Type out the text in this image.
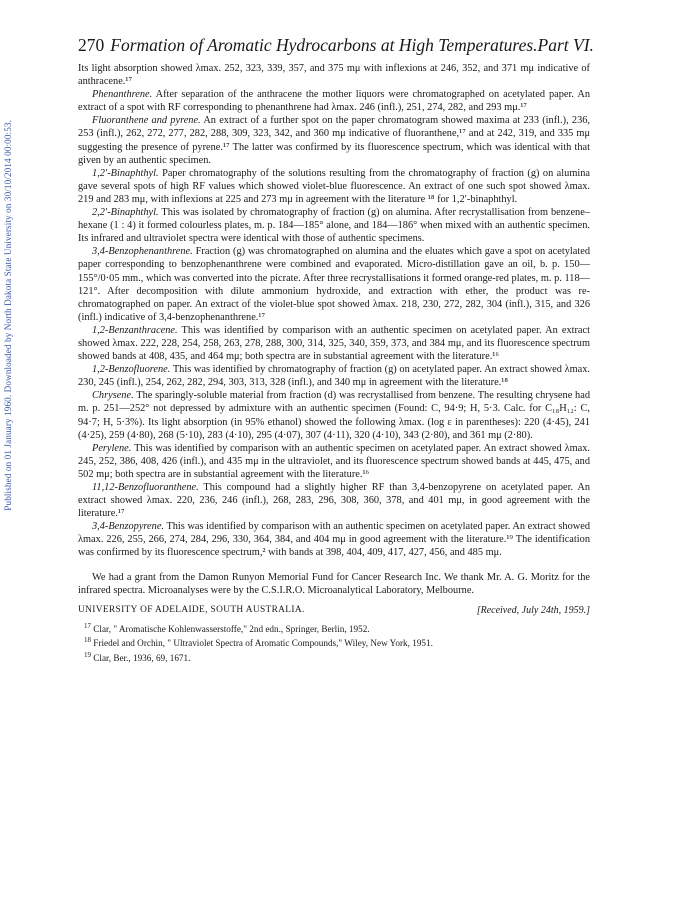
Published on 01 January 1960. Downloaded by North Dakota State University on 30/10/2014 00:00:53.
270 Formation of Aromatic Hydrocarbons at High Temperatures. Part VI.

Its light absorption showed λmax. 252, 323, 339, 357, and 375 mμ with inflexions at 246, 352, and 371 mμ indicative of anthracene.¹⁷

Phenanthrene. After separation of the anthracene the mother liquors were chromatographed on acetylated paper. An extract of a spot with RF corresponding to phenanthrene had λmax. 246 (infl.), 251, 274, 282, and 293 mμ.¹⁷

Fluoranthene and pyrene. An extract of a further spot on the paper chromatogram showed maxima at 233 (infl.), 236, 253 (infl.), 262, 272, 277, 282, 288, 309, 323, 342, and 360 mμ indicative of fluoranthene,¹⁷ and at 242, 319, and 335 mμ suggesting the presence of pyrene.¹⁷ The latter was confirmed by its fluorescence spectrum, which was identical with that given by an authentic specimen.

1,2′-Binaphthyl. Paper chromatography of the solutions resulting from the chromatography of fraction (g) on alumina gave several spots of high RF values which showed violet-blue fluorescence. An extract of one such spot showed λmax. 219 and 283 mμ, with inflexions at 225 and 273 mμ in agreement with the literature ¹⁸ for 1,2′-binaphthyl.

2,2′-Binaphthyl. This was isolated by chromatography of fraction (g) on alumina. After recrystallisation from benzene–hexane (1 : 4) it formed colourless plates, m. p. 184—185° alone, and 184—186° when mixed with an authentic specimen. Its infrared and ultraviolet spectra were identical with those of authentic specimens.

3,4-Benzophenanthrene. Fraction (g) was chromatographed on alumina and the eluates which gave a spot on acetylated paper corresponding to benzophenanthrene were combined and evaporated. Micro-distillation gave an oil, b. p. 150—155°/0·05 mm., which was converted into the picrate. After three recrystallisations it formed orange-red plates, m. p. 118—121°. After decomposition with dilute ammonium hydroxide, and extraction with ether, the product was re-chromatographed on paper. An extract of the violet-blue spot showed λmax. 218, 230, 272, 282, 304 (infl.), 315, and 326 (infl.) indicative of 3,4-benzophenanthrene.¹⁷

1,2-Benzanthracene. This was identified by comparison with an authentic specimen on acetylated paper. An extract showed λmax. 222, 228, 254, 258, 263, 278, 288, 300, 314, 325, 340, 359, 373, and 384 mμ, and its fluorescence spectrum showed bands at 408, 435, and 464 mμ; both spectra are in substantial agreement with the literature.¹⁶

1,2-Benzofluorene. This was identified by chromatography of fraction (g) on acetylated paper. An extract showed λmax. 230, 245 (infl.), 254, 262, 282, 294, 303, 313, 328 (infl.), and 340 mμ in agreement with the literature.¹⁸

Chrysene. The sparingly-soluble material from fraction (d) was recrystallised from benzene. The resulting chrysene had m. p. 251—252° not depressed by admixture with an authentic specimen (Found: C, 94·9; H, 5·3. Calc. for C₁₈H₁₂: C, 94·7; H, 5·3%). Its light absorption (in 95% ethanol) showed the following λmax. (log ε in parentheses): 220 (4·45), 241 (4·25), 259 (4·80), 268 (5·10), 283 (4·10), 295 (4·07), 307 (4·11), 320 (4·10), 343 (2·80), and 361 mμ (2·80).

Perylene. This was identified by comparison with an authentic specimen on acetylated paper. An extract showed λmax. 245, 252, 386, 408, 426 (infl.), and 435 mμ in the ultraviolet, and its fluorescence spectrum showed bands at 445, 475, and 502 mμ; both spectra are in substantial agreement with the literature.¹⁶

11,12-Benzofluoranthene. This compound had a slightly higher RF than 3,4-benzopyrene on acetylated paper. An extract showed λmax. 220, 236, 246 (infl.), 268, 283, 296, 308, 360, 378, and 401 mμ, in good agreement with the literature.¹⁷

3,4-Benzopyrene. This was identified by comparison with an authentic specimen on acetylated paper. An extract showed λmax. 226, 255, 266, 274, 284, 296, 330, 364, 384, and 404 mμ in good agreement with the literature.¹⁹ The identification was confirmed by its fluorescence spectrum,² with bands at 398, 404, 409, 417, 427, 456, and 485 mμ.

We had a grant from the Damon Runyon Memorial Fund for Cancer Research Inc. We thank Mr. A. G. Moritz for the infrared spectra. Microanalyses were by the C.S.I.R.O. Microanalytical Laboratory, Melbourne.

UNIVERSITY OF ADELAIDE, SOUTH AUSTRALIA.	[Received, July 24th, 1959.]
$^{17}$ Clar, " Aromatische Kohlenwasserstoffe," 2nd edn., Springer, Berlin, 1952.
$^{18}$ Friedel and Orchin, " Ultraviolet Spectra of Aromatic Compounds," Wiley, New York, 1951.
$^{19}$ Clar, Ber., 1936, 69, 1671.
